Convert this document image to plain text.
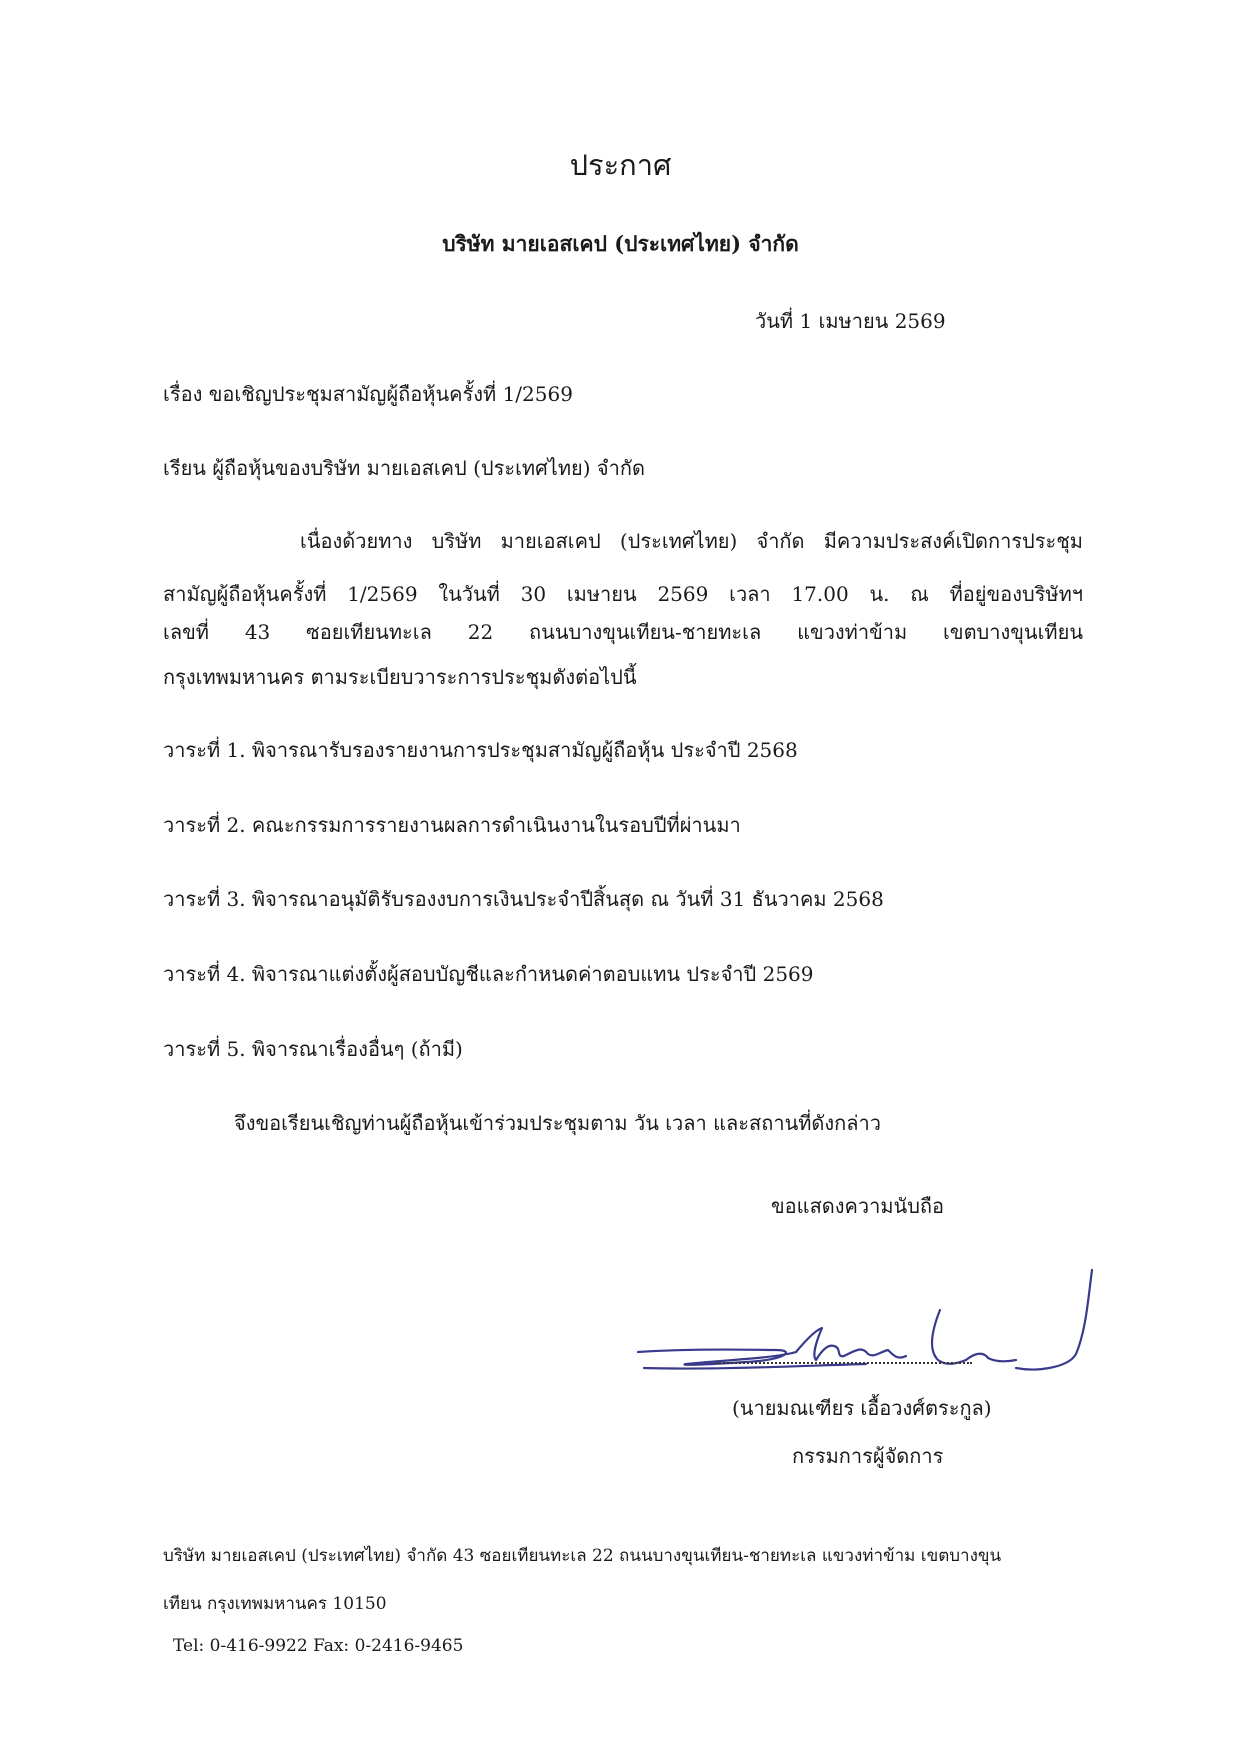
ประกาศ
บริษัท มายเอสเคป (ประเทศไทย) จำกัด
วันที่ 1 เมษายน 2569
เรื่อง ขอเชิญประชุมสามัญผู้ถือหุ้นครั้งที่ 1/2569
เรียน ผู้ถือหุ้นของบริษัท มายเอสเคป (ประเทศไทย) จำกัด
เนื่องด้วยทาง บริษัท มายเอสเคป (ประเทศไทย) จำกัด มีความประสงค์เปิดการประชุม
สามัญผู้ถือหุ้นครั้งที่ 1/2569 ในวันที่ 30 เมษายน 2569 เวลา 17.00 น. ณ ที่อยู่ของบริษัทฯ
เลขที่ 43 ซอยเทียนทะเล 22 ถนนบางขุนเทียน-ชายทะเล แขวงท่าข้าม เขตบางขุนเทียน
กรุงเทพมหานคร ตามระเบียบวาระการประชุมดังต่อไปนี้
วาระที่ 1. พิจารณารับรองรายงานการประชุมสามัญผู้ถือหุ้น ประจำปี 2568
วาระที่ 2. คณะกรรมการรายงานผลการดำเนินงานในรอบปีที่ผ่านมา
วาระที่ 3. พิจารณาอนุมัติรับรองงบการเงินประจำปีสิ้นสุด ณ วันที่ 31 ธันวาคม 2568
วาระที่ 4. พิจารณาแต่งตั้งผู้สอบบัญชีและกำหนดค่าตอบแทน ประจำปี 2569
วาระที่ 5. พิจารณาเรื่องอื่นๆ (ถ้ามี)
จึงขอเรียนเชิญท่านผู้ถือหุ้นเข้าร่วมประชุมตาม วัน เวลา และสถานที่ดังกล่าว
ขอแสดงความนับถือ
(นายมณเฑียร เอื้อวงศ์ตระกูล)
กรรมการผู้จัดการ
บริษัท มายเอสเคป (ประเทศไทย) จำกัด 43 ซอยเทียนทะเล 22 ถนนบางขุนเทียน-ชายทะเล แขวงท่าข้าม เขตบางขุน
เทียน กรุงเทพมหานคร 10150
Tel: 0-416-9922 Fax: 0-2416-9465
